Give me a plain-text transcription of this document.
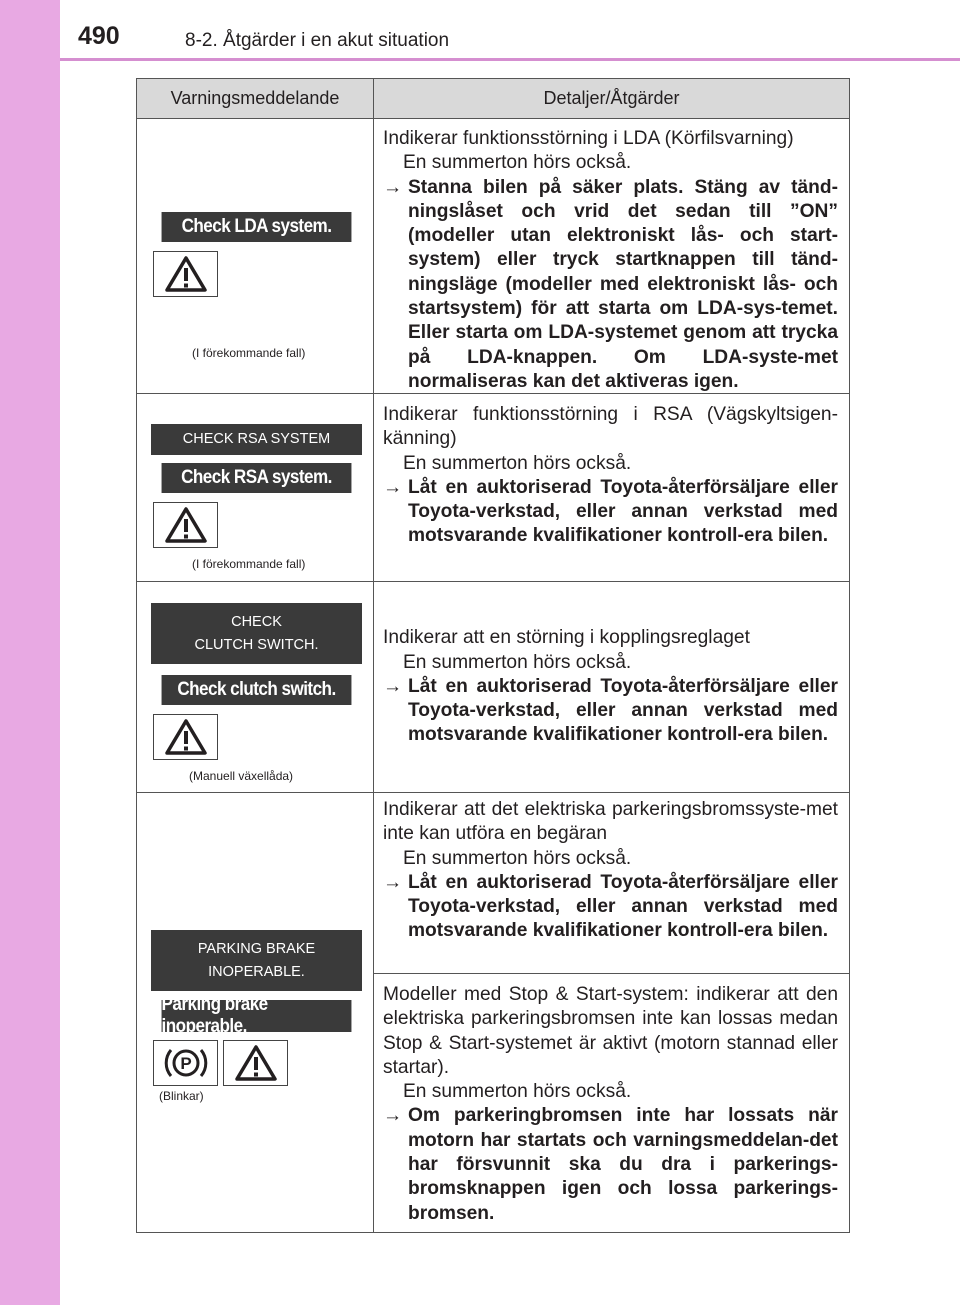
490	8-2. Åtgärder i en akut situation
Varningsmeddelande	Detaljer/Åtgärder
Check LDA system.
(I förekommande fall)
Indikerar funktionsstörning i LDA (Körfilsvarning)
En summerton hörs också.
→ Stanna bilen på säker plats. Stäng av tänd-ningslåset och vrid det sedan till ”ON” (modeller utan elektroniskt lås- och start-system) eller tryck startknappen till tänd-ningsläge (modeller med elektroniskt lås- och startsystem) för att starta om LDA-sys-temet. Eller starta om LDA-systemet genom att trycka på LDA-knappen. Om LDA-syste-met normaliseras kan det aktiveras igen.
CHECK RSA SYSTEM
Check RSA system.
(I förekommande fall)
Indikerar funktionsstörning i RSA (Vägskyltsigen-känning)
En summerton hörs också.
→ Låt en auktoriserad Toyota-återförsäljare eller Toyota-verkstad, eller annan verkstad med motsvarande kvalifikationer kontroll-era bilen.
CHECK
CLUTCH SWITCH.
Check clutch switch.
(Manuell växellåda)
Indikerar att en störning i kopplingsreglaget
En summerton hörs också.
→ Låt en auktoriserad Toyota-återförsäljare eller Toyota-verkstad, eller annan verkstad med motsvarande kvalifikationer kontroll-era bilen.
PARKING BRAKE
INOPERABLE.
Parking brake inoperable.
P
(Blinkar)
Indikerar att det elektriska parkeringsbromssyste-met inte kan utföra en begäran
En summerton hörs också.
→ Låt en auktoriserad Toyota-återförsäljare eller Toyota-verkstad, eller annan verkstad med motsvarande kvalifikationer kontroll-era bilen.
Modeller med Stop & Start-system: indikerar att den elektriska parkeringsbromsen inte kan lossas medan Stop & Start-systemet är aktivt (motorn stannad eller startar).
En summerton hörs också.
→ Om parkeringbromsen inte har lossats när motorn har startats och varningsmeddelan-det har försvunnit ska du dra i parkerings-bromsknappen igen och lossa parkerings-bromsen.
